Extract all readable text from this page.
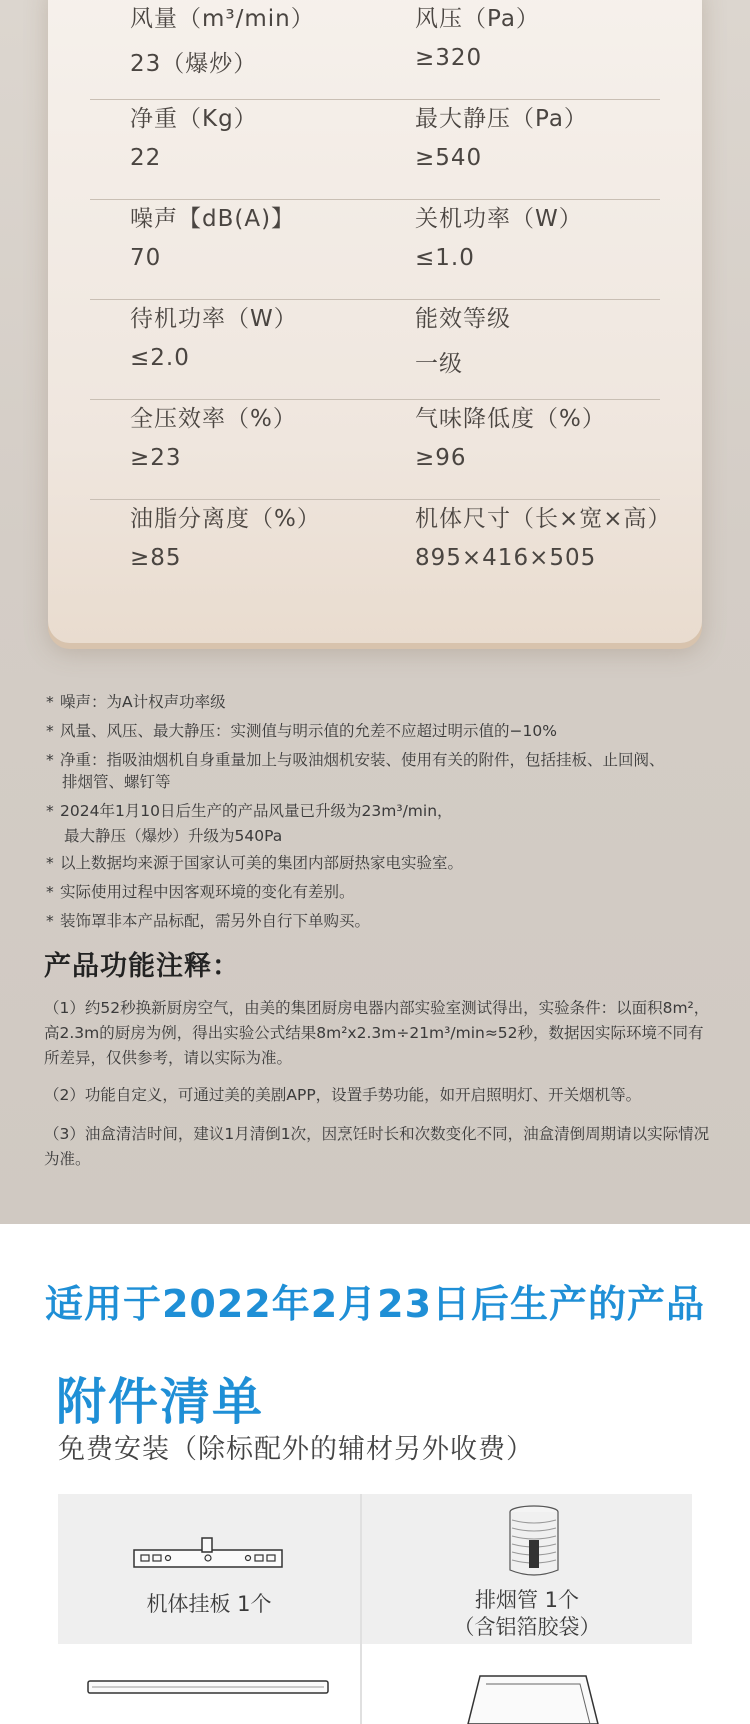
风量（m³/min）
23（爆炒）
风压（Pa）
≥320
净重（Kg）
22
最大静压（Pa）
≥540
噪声【dB(A)】
70
关机功率（W）
≤1.0
待机功率（W）
≤2.0
能效等级
一级
全压效率（%）
≥23
气味降低度（%）
≥96
油脂分离度（%）
≥85
机体尺寸（长×宽×高）
895×416×505
* 噪声：为A计权声功率级
* 风量、风压、最大静压：实测值与明示值的允差不应超过明示值的−10%
* 净重：指吸油烟机自身重量加上与吸油烟机安装、使用有关的附件，包括挂板、止回阀、
排烟管、螺钉等
* 2024年1月10日后生产的产品风量已升级为23m³/min，
最大静压（爆炒）升级为540Pa
* 以上数据均来源于国家认可美的集团内部厨热家电实验室。
* 实际使用过程中因客观环境的变化有差别。
* 装饰罩非本产品标配，需另外自行下单购买。
产品功能注释：
（1）约52秒换新厨房空气，由美的集团厨房电器内部实验室测试得出，实验条件：以面积8m²，高2.3m的厨房为例，得出实验公式结果8m²x2.3m÷21m³/min≈52秒，数据因实际环境不同有所差异，仅供参考，请以实际为准。
（2）功能自定义，可通过美的美剧APP，设置手势功能，如开启照明灯、开关烟机等。
（3）油盒清洁时间，建议1月清倒1次，因烹饪时长和次数变化不同，油盒清倒周期请以实际情况为准。
适用于2022年2月23日后生产的产品
附件清单
免费安装（除标配外的辅材另外收费）
机体挂板 1个	排烟管 1个
（含铝箔胶袋）
